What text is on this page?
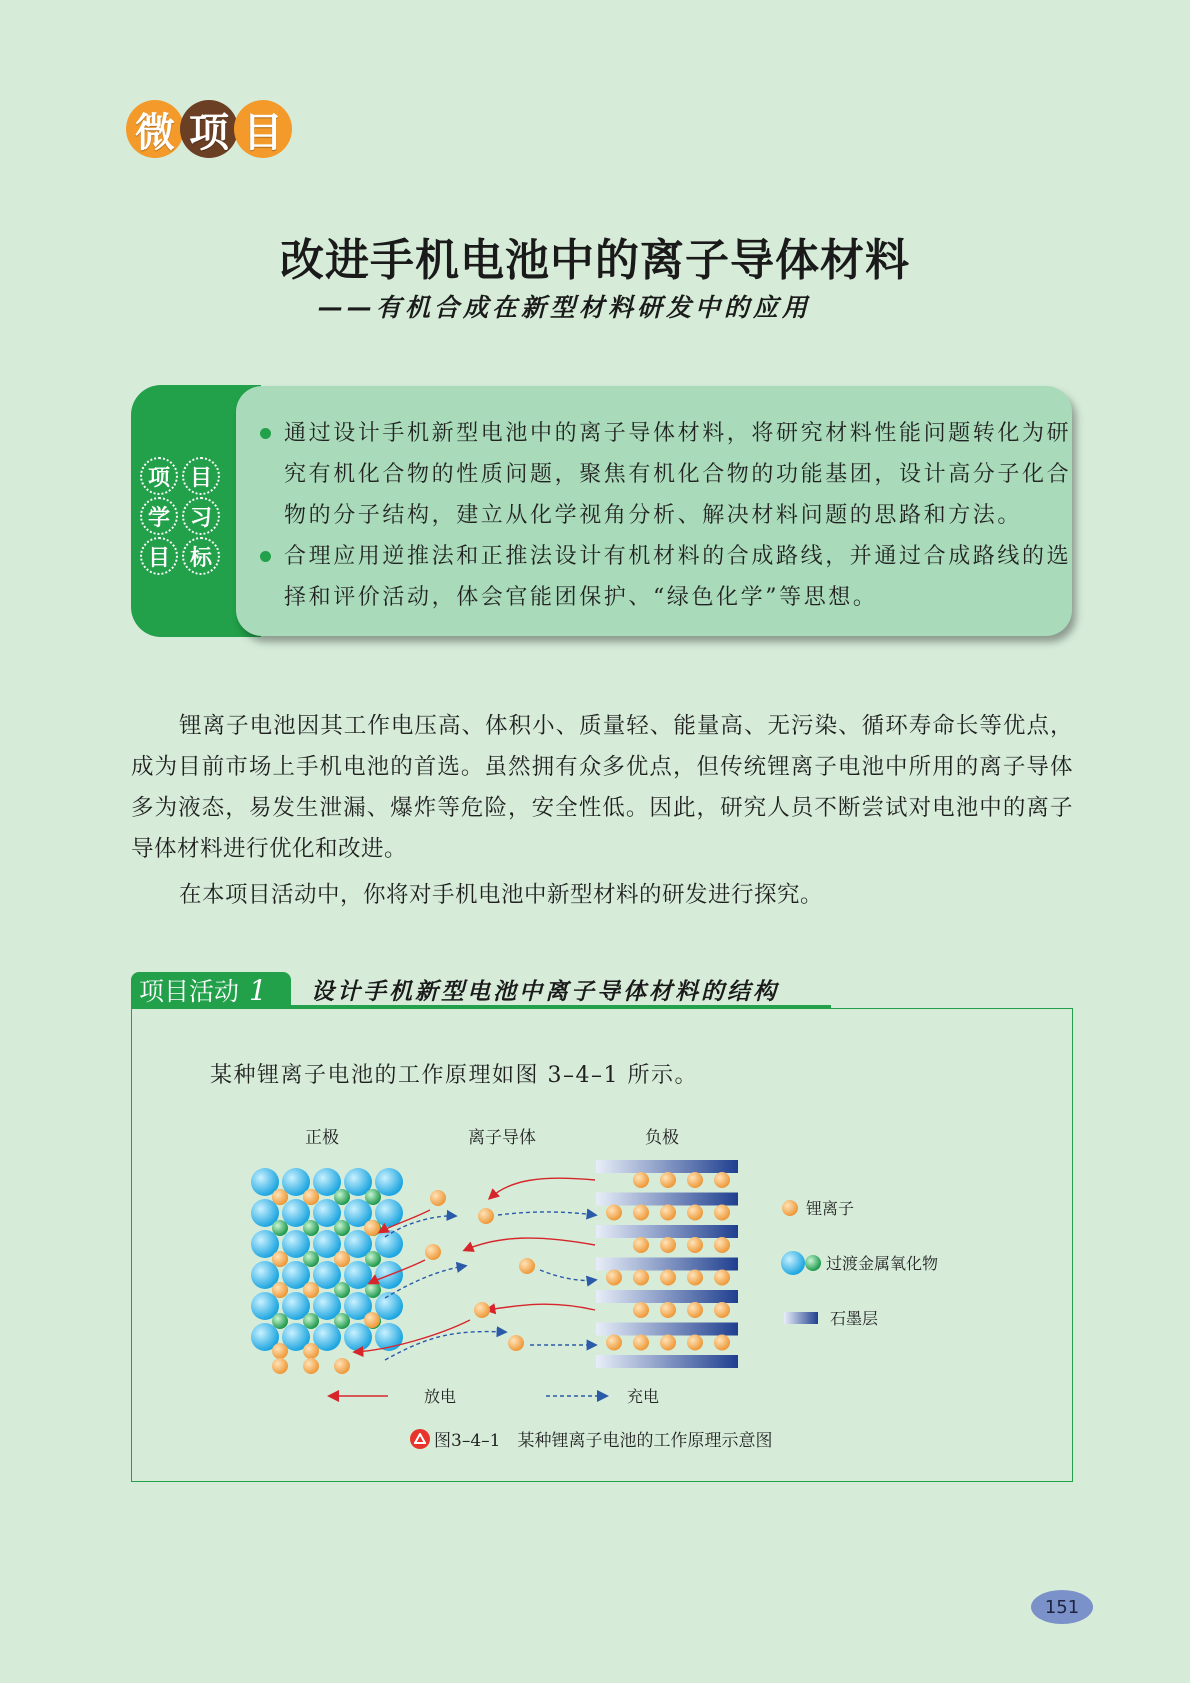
微 项 目
改进手机电池中的离子导体材料
——有机合成在新型材料研发中的应用
项 目
学 习
目 标
通过设计手机新型电池中的离子导体材料，将研究材料性能问题转化为研究有机化合物的性质问题，聚焦有机化合物的功能基团，设计高分子化合物的分子结构，建立从化学视角分析、解决材料问题的思路和方法。
合理应用逆推法和正推法设计有机材料的合成路线，并通过合成路线的选择和评价活动，体会官能团保护、“绿色化学”等思想。

锂离子电池因其工作电压高、体积小、质量轻、能量高、无污染、循环寿命长等优点，成为目前市场上手机电池的首选。虽然拥有众多优点，但传统锂离子电池中所用的离子导体多为液态，易发生泄漏、爆炸等危险，安全性低。因此，研究人员不断尝试对电池中的离子导体材料进行优化和改进。

在本项目活动中，你将对手机电池中新型材料的研发进行探究。

项目活动 1 设计手机新型电池中离子导体材料的结构
某种锂离子电池的工作原理如图 3–4–1 所示。
正极	离子导体	负极
锂离子
过渡金属氧化物
石墨层
放电	充电
图3–4–1　某种锂离子电池的工作原理示意图
151
